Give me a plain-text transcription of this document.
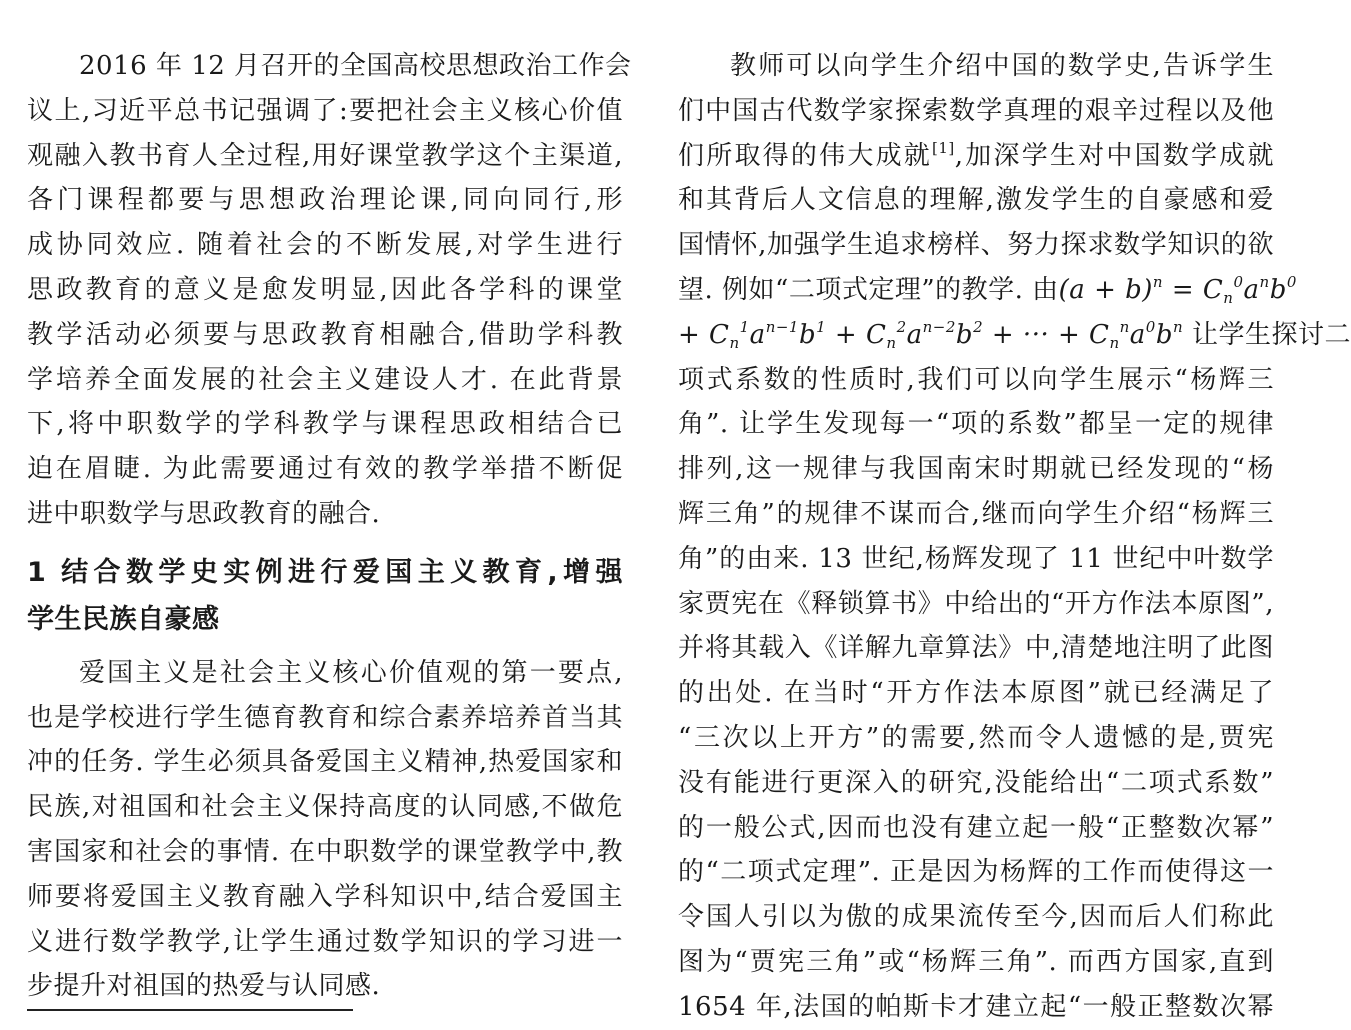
2016 年 12 月召开的全国高校思想政治工作会
议上,习近平总书记强调了:要把社会主义核心价值
观融入教书育人全过程,用好课堂教学这个主渠道,
各门课程都要与思想政治理论课,同向同行,形
成协同效应. 随着社会的不断发展,对学生进行
思政教育的意义是愈发明显,因此各学科的课堂
教学活动必须要与思政教育相融合,借助学科教
学培养全面发展的社会主义建设人才. 在此背景
下,将中职数学的学科教学与课程思政相结合已
迫在眉睫. 为此需要通过有效的教学举措不断促
进中职数学与思政教育的融合.
1 结合数学史实例进行爱国主义教育,增强
学生民族自豪感
爱国主义是社会主义核心价值观的第一要点,
也是学校进行学生德育教育和综合素养培养首当其
冲的任务. 学生必须具备爱国主义精神,热爱国家和
民族,对祖国和社会主义保持高度的认同感,不做危
害国家和社会的事情. 在中职数学的课堂教学中,教
师要将爱国主义教育融入学科知识中,结合爱国主
义进行数学教学,让学生通过数学知识的学习进一
步提升对祖国的热爱与认同感.
教师可以向学生介绍中国的数学史,告诉学生
们中国古代数学家探索数学真理的艰辛过程以及他
们所取得的伟大成就[1],加深学生对中国数学成就
和其背后人文信息的理解,激发学生的自豪感和爱
国情怀,加强学生追求榜样、努力探求数学知识的欲
望. 例如“二项式定理”的教学. 由$(a + b)^n = C_n^0a^nb^0$
+ $C_n^1a^{n-1}b^1 + C_n^2a^{n-2}b^2$ + ··· + $C_n^na^0b^n$ 让学生探讨二
项式系数的性质时,我们可以向学生展示“杨辉三
角”. 让学生发现每一“项的系数”都呈一定的规律
排列,这一规律与我国南宋时期就已经发现的“杨
辉三角”的规律不谋而合,继而向学生介绍“杨辉三
角”的由来. 13 世纪,杨辉发现了 11 世纪中叶数学
家贾宪在《释锁算书》中给出的“开方作法本原图”,
并将其载入《详解九章算法》中,清楚地注明了此图
的出处. 在当时“开方作法本原图”就已经满足了
“三次以上开方”的需要,然而令人遗憾的是,贾宪
没有能进行更深入的研究,没能给出“二项式系数”
的一般公式,因而也没有建立起一般“正整数次幂”
的“二项式定理”. 正是因为杨辉的工作而使得这一
令国人引以为傲的成果流传至今,因而后人们称此
图为“贾宪三角”或“杨辉三角”. 而西方国家,直到
1654 年,法国的帕斯卡才建立起“一般正整数次幂
